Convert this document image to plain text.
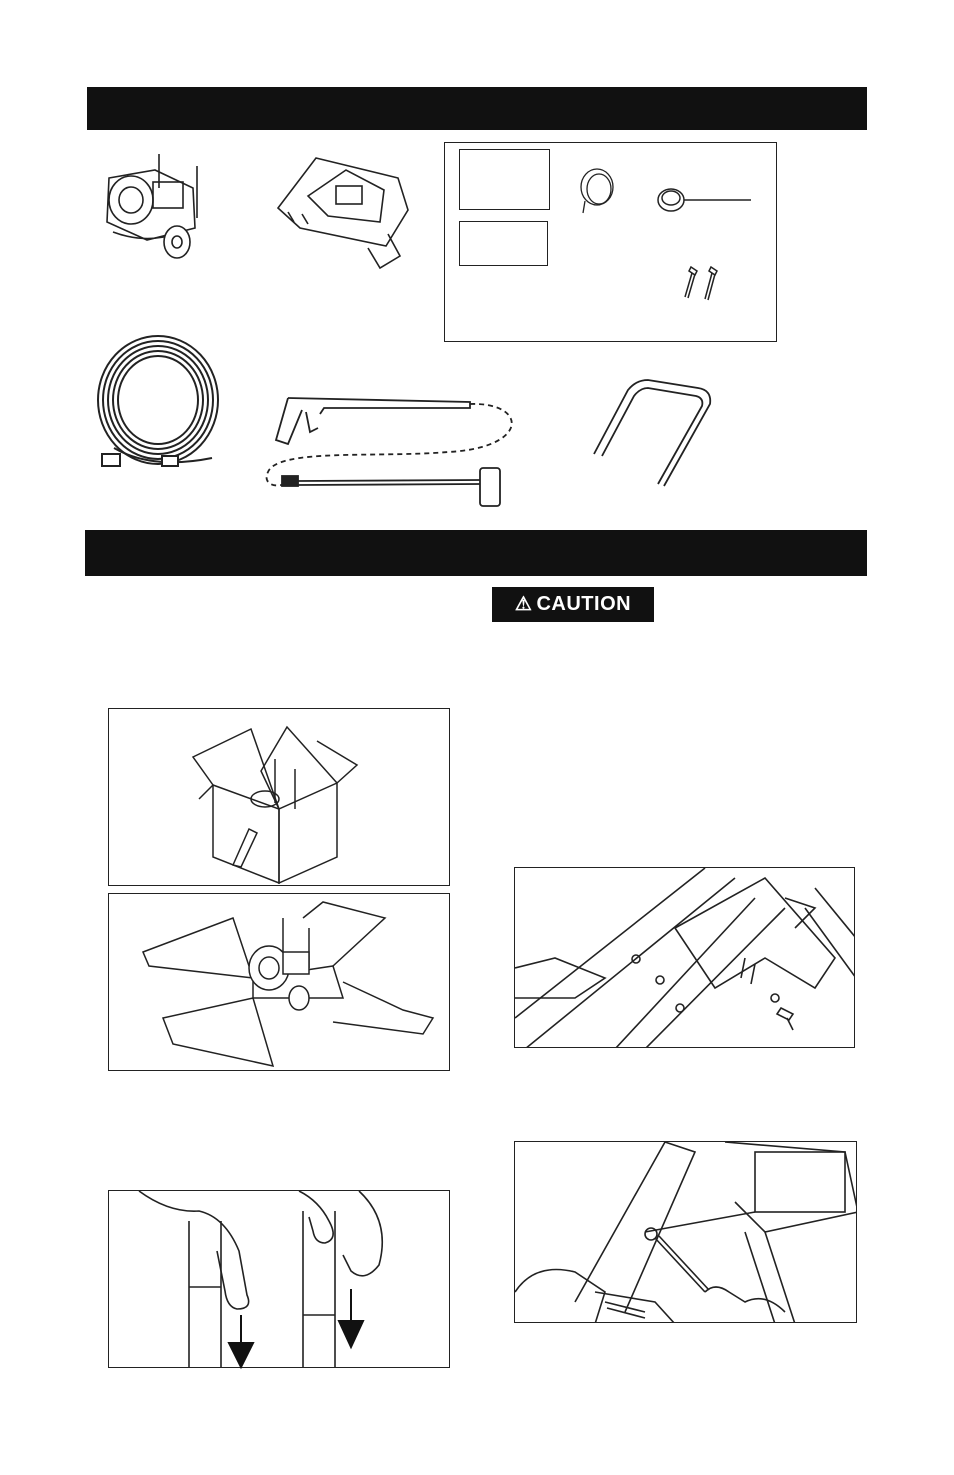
⚠ CAUTION
